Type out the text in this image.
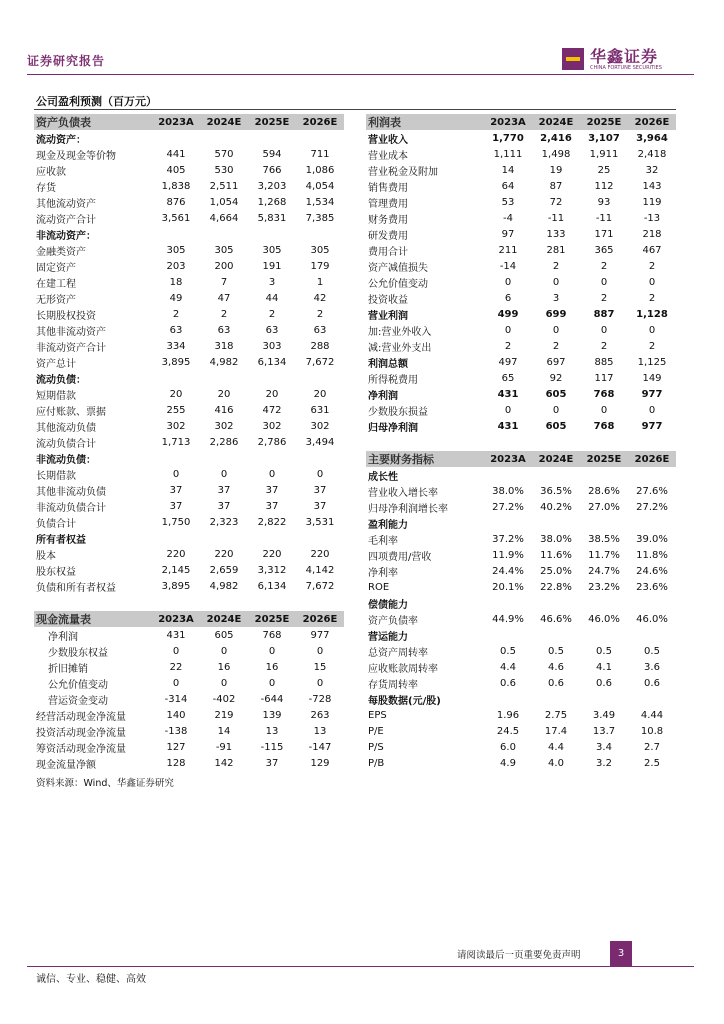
证券研究报告	华鑫证券
CHINA FORTUNE SECURITIES
公司盈利预测（百万元）
资产负债表	2023A	2024E	2025E	2026E
流动资产：				
现金及现金等价物	441	570	594	711
应收款	405	530	766	1,086
存货	1,838	2,511	3,203	4,054
其他流动资产	876	1,054	1,268	1,534
流动资产合计	3,561	4,664	5,831	7,385
非流动资产：				
金融类资产	305	305	305	305
固定资产	203	200	191	179
在建工程	18	7	3	1
无形资产	49	47	44	42
长期股权投资	2	2	2	2
其他非流动资产	63	63	63	63
非流动资产合计	334	318	303	288
资产总计	3,895	4,982	6,134	7,672
流动负债：				
短期借款	20	20	20	20
应付账款、票据	255	416	472	631
其他流动负债	302	302	302	302
流动负债合计	1,713	2,286	2,786	3,494
非流动负债：				
长期借款	0	0	0	0
其他非流动负债	37	37	37	37
非流动负债合计	37	37	37	37
负债合计	1,750	2,323	2,822	3,531
所有者权益				
股本	220	220	220	220
股东权益	2,145	2,659	3,312	4,142
负债和所有者权益	3,895	4,982	6,134	7,672
利润表	2023A	2024E	2025E	2026E
营业收入	1,770	2,416	3,107	3,964
营业成本	1,111	1,498	1,911	2,418
营业税金及附加	14	19	25	32
销售费用	64	87	112	143
管理费用	53	72	93	119
财务费用	-4	-11	-11	-13
研发费用	97	133	171	218
费用合计	211	281	365	467
资产减值损失	-14	2	2	2
公允价值变动	0	0	0	0
投资收益	6	3	2	2
营业利润	499	699	887	1,128
加:营业外收入	0	0	0	0
减:营业外支出	2	2	2	2
利润总额	497	697	885	1,125
所得税费用	65	92	117	149
净利润	431	605	768	977
少数股东损益	0	0	0	0
归母净利润	431	605	768	977
现金流量表	2023A	2024E	2025E	2026E
净利润	431	605	768	977
少数股东权益	0	0	0	0
折旧摊销	22	16	16	15
公允价值变动	0	0	0	0
营运资金变动	-314	-402	-644	-728
经营活动现金净流量	140	219	139	263
投资活动现金净流量	-138	14	13	13
筹资活动现金净流量	127	-91	-115	-147
现金流量净额	128	142	37	129
主要财务指标	2023A	2024E	2025E	2026E
成长性				
营业收入增长率	38.0%	36.5%	28.6%	27.6%
归母净利润增长率	27.2%	40.2%	27.0%	27.2%
盈利能力				
毛利率	37.2%	38.0%	38.5%	39.0%
四项费用/营收	11.9%	11.6%	11.7%	11.8%
净利率	24.4%	25.0%	24.7%	24.6%
ROE	20.1%	22.8%	23.2%	23.6%
偿债能力				
资产负债率	44.9%	46.6%	46.0%	46.0%
营运能力				
总资产周转率	0.5	0.5	0.5	0.5
应收账款周转率	4.4	4.6	4.1	3.6
存货周转率	0.6	0.6	0.6	0.6
每股数据(元/股)				
EPS	1.96	2.75	3.49	4.44
P/E	24.5	17.4	13.7	10.8
P/S	6.0	4.4	3.4	2.7
P/B	4.9	4.0	3.2	2.5
资料来源：Wind、华鑫证券研究
请阅读最后一页重要免责声明	3
诚信、专业、稳健、高效
